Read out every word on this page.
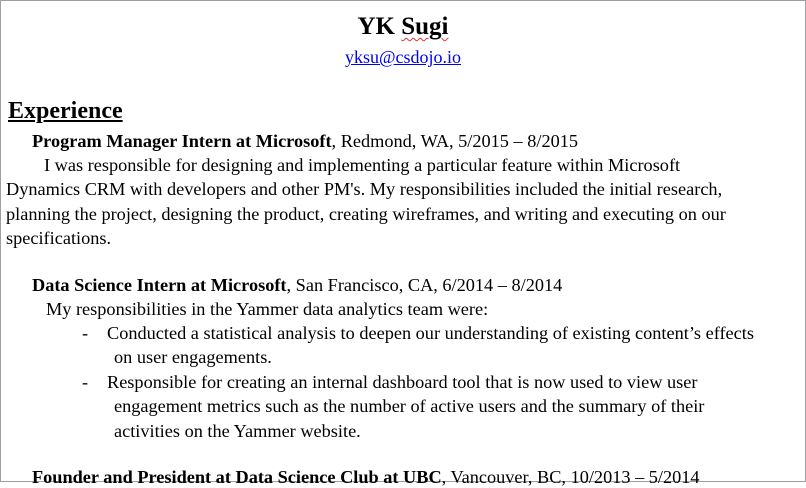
YK Sugi
yksu@csdojo.io
Experience
Program Manager Intern at Microsoft, Redmond, WA, 5/2015 – 8/2015
I was responsible for designing and implementing a particular feature within Microsoft
Dynamics CRM with developers and other PM's. My responsibilities included the initial research,
planning the project, designing the product, creating wireframes, and writing and executing on our
specifications.
Data Science Intern at Microsoft, San Francisco, CA, 6/2014 – 8/2014
My responsibilities in the Yammer data analytics team were:
- Conducted a statistical analysis to deepen our understanding of existing content’s effects
on user engagements.
- Responsible for creating an internal dashboard tool that is now used to view user
engagement metrics such as the number of active users and the summary of their
activities on the Yammer website.
Founder and President at Data Science Club at UBC, Vancouver, BC, 10/2013 – 5/2014
